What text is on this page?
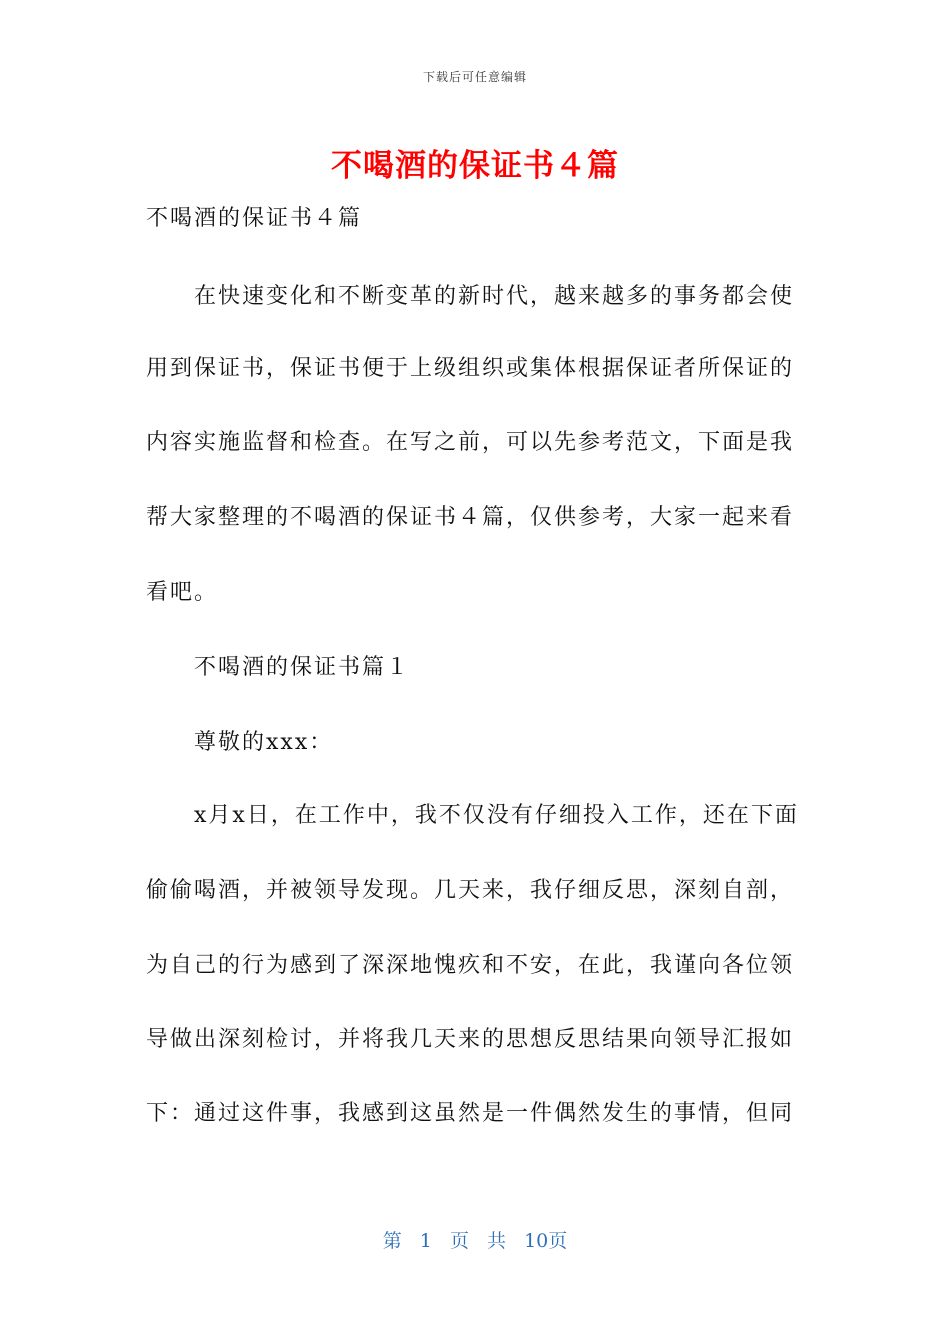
下载后可任意编辑
不喝酒的保证书４篇
不喝酒的保证书４篇
在快速变化和不断变革的新时代，越来越多的事务都会使
用到保证书，保证书便于上级组织或集体根据保证者所保证的
内容实施监督和检查。在写之前，可以先参考范文，下面是我
帮大家整理的不喝酒的保证书４篇，仅供参考，大家一起来看
看吧。
不喝酒的保证书篇１
尊敬的xxx：
x月x日，在工作中，我不仅没有仔细投入工作，还在下面
偷偷喝酒，并被领导发现。几天来，我仔细反思，深刻自剖，
为自己的行为感到了深深地愧疚和不安，在此，我谨向各位领
导做出深刻检讨，并将我几天来的思想反思结果向领导汇报如
下：通过这件事，我感到这虽然是一件偶然发生的事情，但同
第 1 页 共 10页
